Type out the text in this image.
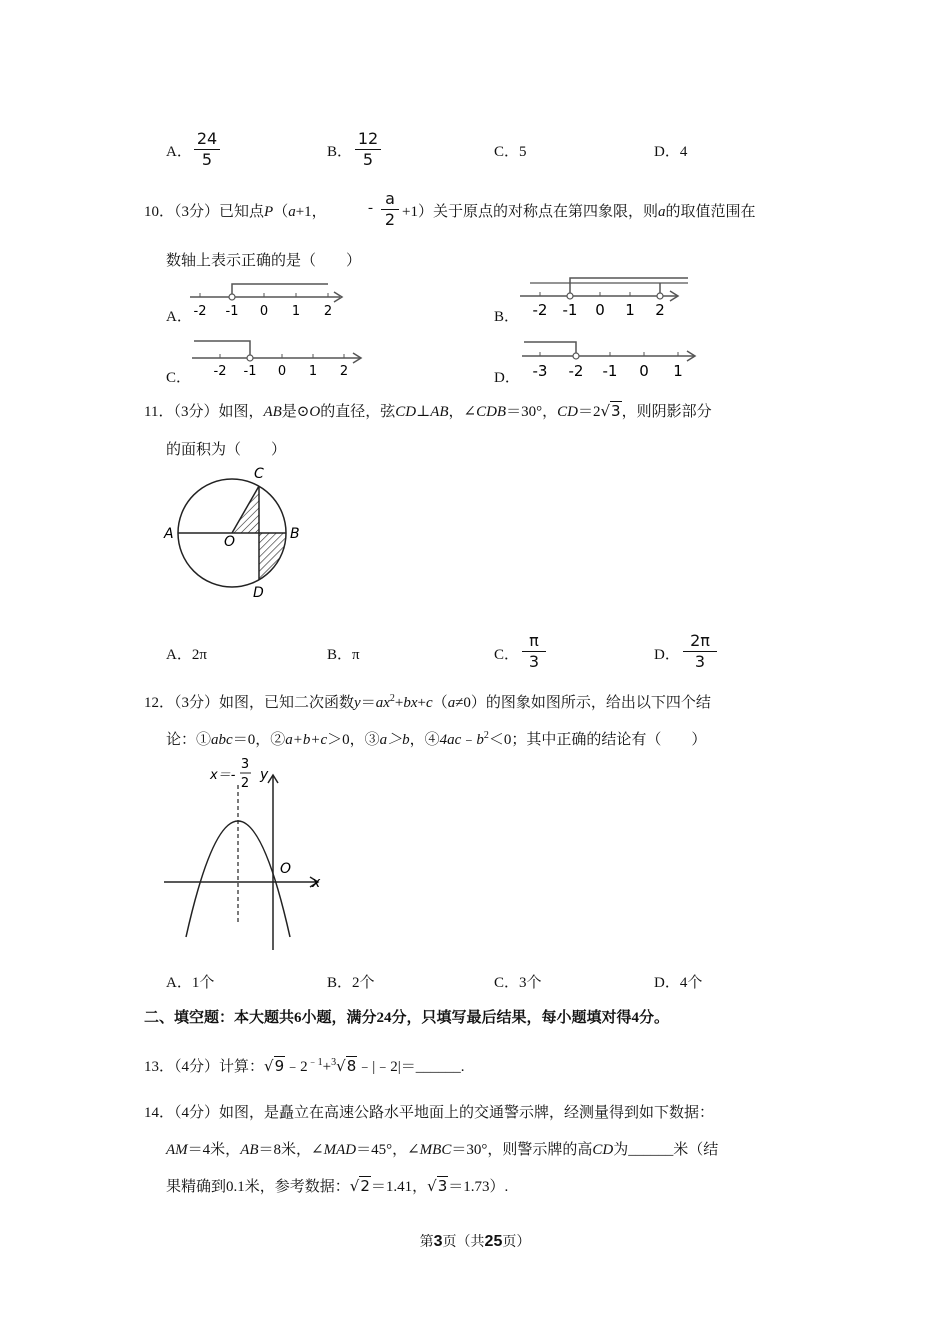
A．
24
5	B．
12
5	C．5	D．4
10．（3分）已知点P（a+1，	- a
2 +1）关于原点的对称点在第四象限，则a的取值范围在
数轴上表示正确的是（　　）
A． -2 -1 0 1 2	B． -2 -1 0 1 2
C． -2 -1 0 1 2	D． -3 -2 -1 0 1
11．（3分）如图，AB是⊙O的直径，弦CD⊥AB，∠CDB＝30°，CD＝2√3，则阴影部分
的面积为（　　）
C
A	O	B
D
A．2π	B．π	C．
π
3	D．
2π
3
12．（3分）如图，已知二次函数$y=ax^2+bx+c(a\ne 0)$的图象如图所示，给出以下四个结
论：①abc＝0，②a+b+c＞0，③a＞b，$④4ac﹣b^2<0$；其中正确的结论有（　　）
x＝-
3
2
y
O
x
A．1个	B．2个	C．3个	D．4个
二、填空题：本大题共6小题，满分24分，只填写最后结果，每小题填对得4分。
13．（4分）计算：$√9﹣2^{﹣1}+^3√8﹣|﹣2|=\_\_\_\_\_\_$.
14．（4分）如图，是矗立在高速公路水平地面上的交通警示牌，经测量得到如下数据：
AM＝4米，AB＝8米，∠MAD＝45°，∠MBC＝30°，则警示牌的高CD为______米（结
果精确到0.1米，参考数据：√2＝1.41，√3＝1.73）.
第3页（共25页）
